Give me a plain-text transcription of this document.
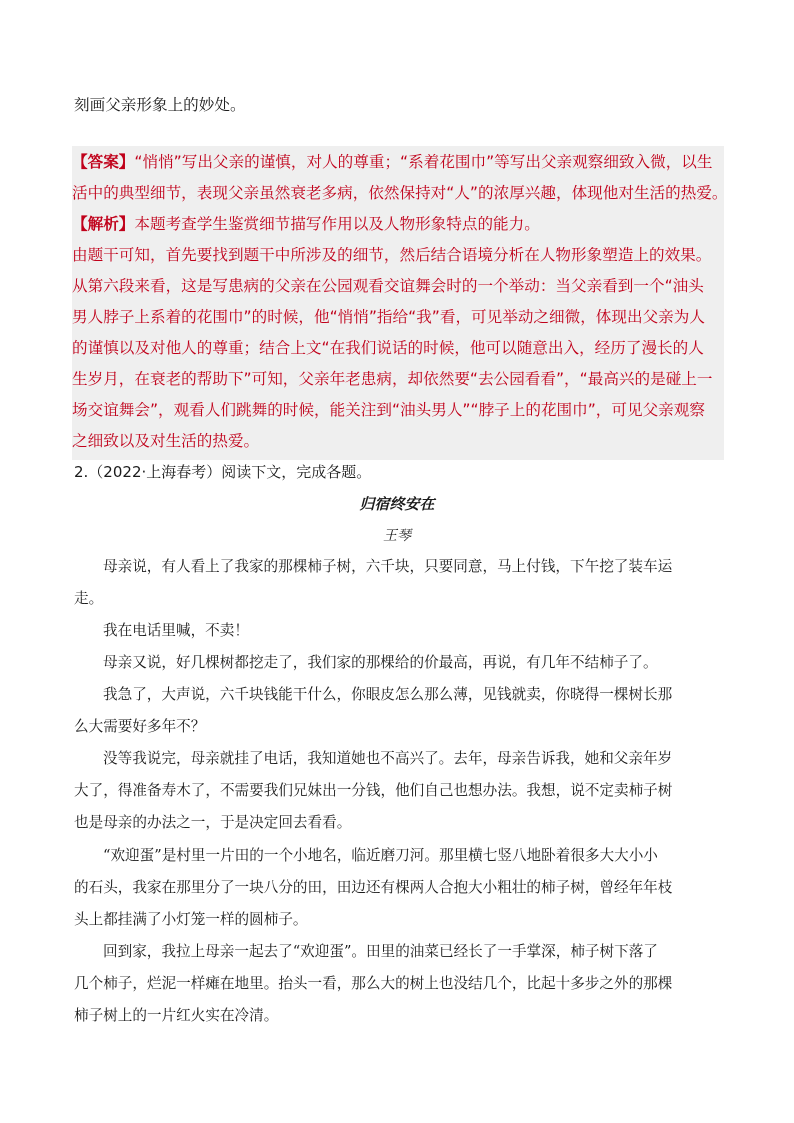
刻画父亲形象上的妙处。
【答案】“悄悄”写出父亲的谨慎，对人的尊重；“系着花围巾”等写出父亲观察细致入微，以生
活中的典型细节，表现父亲虽然衰老多病，依然保持对“人”的浓厚兴趣，体现他对生活的热爱。
【解析】本题考查学生鉴赏细节描写作用以及人物形象特点的能力。
由题干可知，首先要找到题干中所涉及的细节，然后结合语境分析在人物形象塑造上的效果。
从第六段来看，这是写患病的父亲在公园观看交谊舞会时的一个举动：当父亲看到一个“油头
男人脖子上系着的花围巾”的时候，他“悄悄”指给“我”看，可见举动之细微，体现出父亲为人
的谨慎以及对他人的尊重；结合上文“在我们说话的时候，他可以随意出入，经历了漫长的人
生岁月，在衰老的帮助下”可知，父亲年老患病，却依然要“去公园看看”，“最高兴的是碰上一
场交谊舞会”，观看人们跳舞的时候，能关注到“油头男人”“脖子上的花围巾”，可见父亲观察
之细致以及对生活的热爱。
2.（2022·上海春考）阅读下文，完成各题。
归宿终安在
王琴
母亲说，有人看上了我家的那棵柿子树，六千块，只要同意，马上付钱，下午挖了装车运
走。
我在电话里喊，不卖！
母亲又说，好几棵树都挖走了，我们家的那棵给的价最高，再说，有几年不结柿子了。
我急了，大声说，六千块钱能干什么，你眼皮怎么那么薄，见钱就卖，你晓得一棵树长那
么大需要好多年不？
没等我说完，母亲就挂了电话，我知道她也不高兴了。去年，母亲告诉我，她和父亲年岁
大了，得准备寿木了，不需要我们兄妹出一分钱，他们自己也想办法。我想，说不定卖柿子树
也是母亲的办法之一，于是决定回去看看。
“欢迎蛋”是村里一片田的一个小地名，临近磨刀河。那里横七竖八地卧着很多大大小小
的石头，我家在那里分了一块八分的田，田边还有棵两人合抱大小粗壮的柿子树，曾经年年枝
头上都挂满了小灯笼一样的圆柿子。
回到家，我拉上母亲一起去了“欢迎蛋”。田里的油菜已经长了一手掌深，柿子树下落了
几个柿子，烂泥一样瘫在地里。抬头一看，那么大的树上也没结几个，比起十多步之外的那棵
柿子树上的一片红火实在冷清。
